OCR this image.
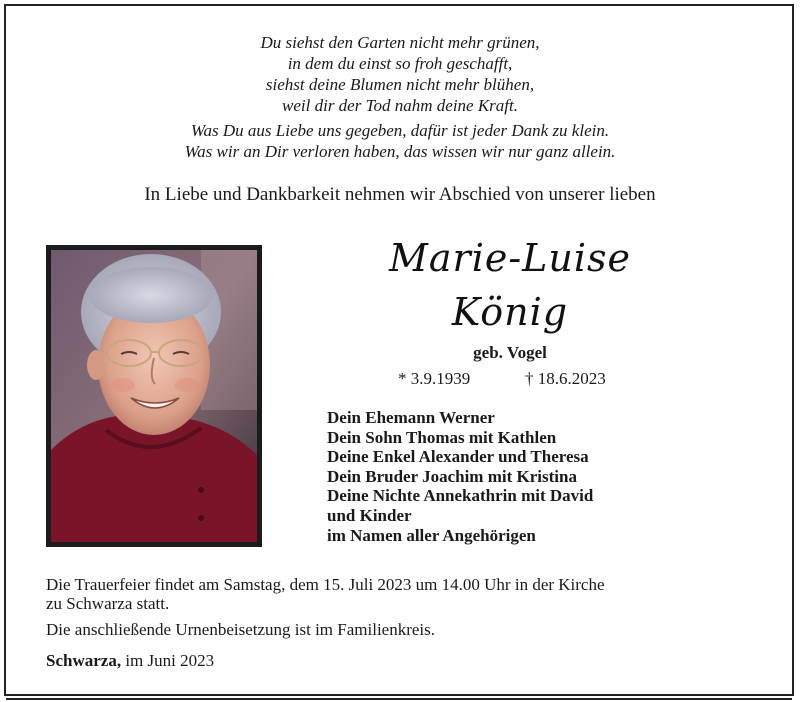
Du siehst den Garten nicht mehr grünen,
in dem du einst so froh geschafft,
siehst deine Blumen nicht mehr blühen,
weil dir der Tod nahm deine Kraft.
Was Du aus Liebe uns gegeben, dafür ist jeder Dank zu klein.
Was wir an Dir verloren haben, das wissen wir nur ganz allein.
In Liebe und Dankbarkeit nehmen wir Abschied von unserer lieben
Marie-Luise
König
geb. Vogel
* 3.9.1939	† 18.6.2023
Dein Ehemann Werner
Dein Sohn Thomas mit Kathlen
Deine Enkel Alexander und Theresa
Dein Bruder Joachim mit Kristina
Deine Nichte Annekathrin mit David
und Kinder
im Namen aller Angehörigen
Die Trauerfeier findet am Samstag, dem 15. Juli 2023 um 14.00 Uhr in der Kirche
zu Schwarza statt.
Die anschließende Urnenbeisetzung ist im Familienkreis.
Schwarza, im Juni 2023
